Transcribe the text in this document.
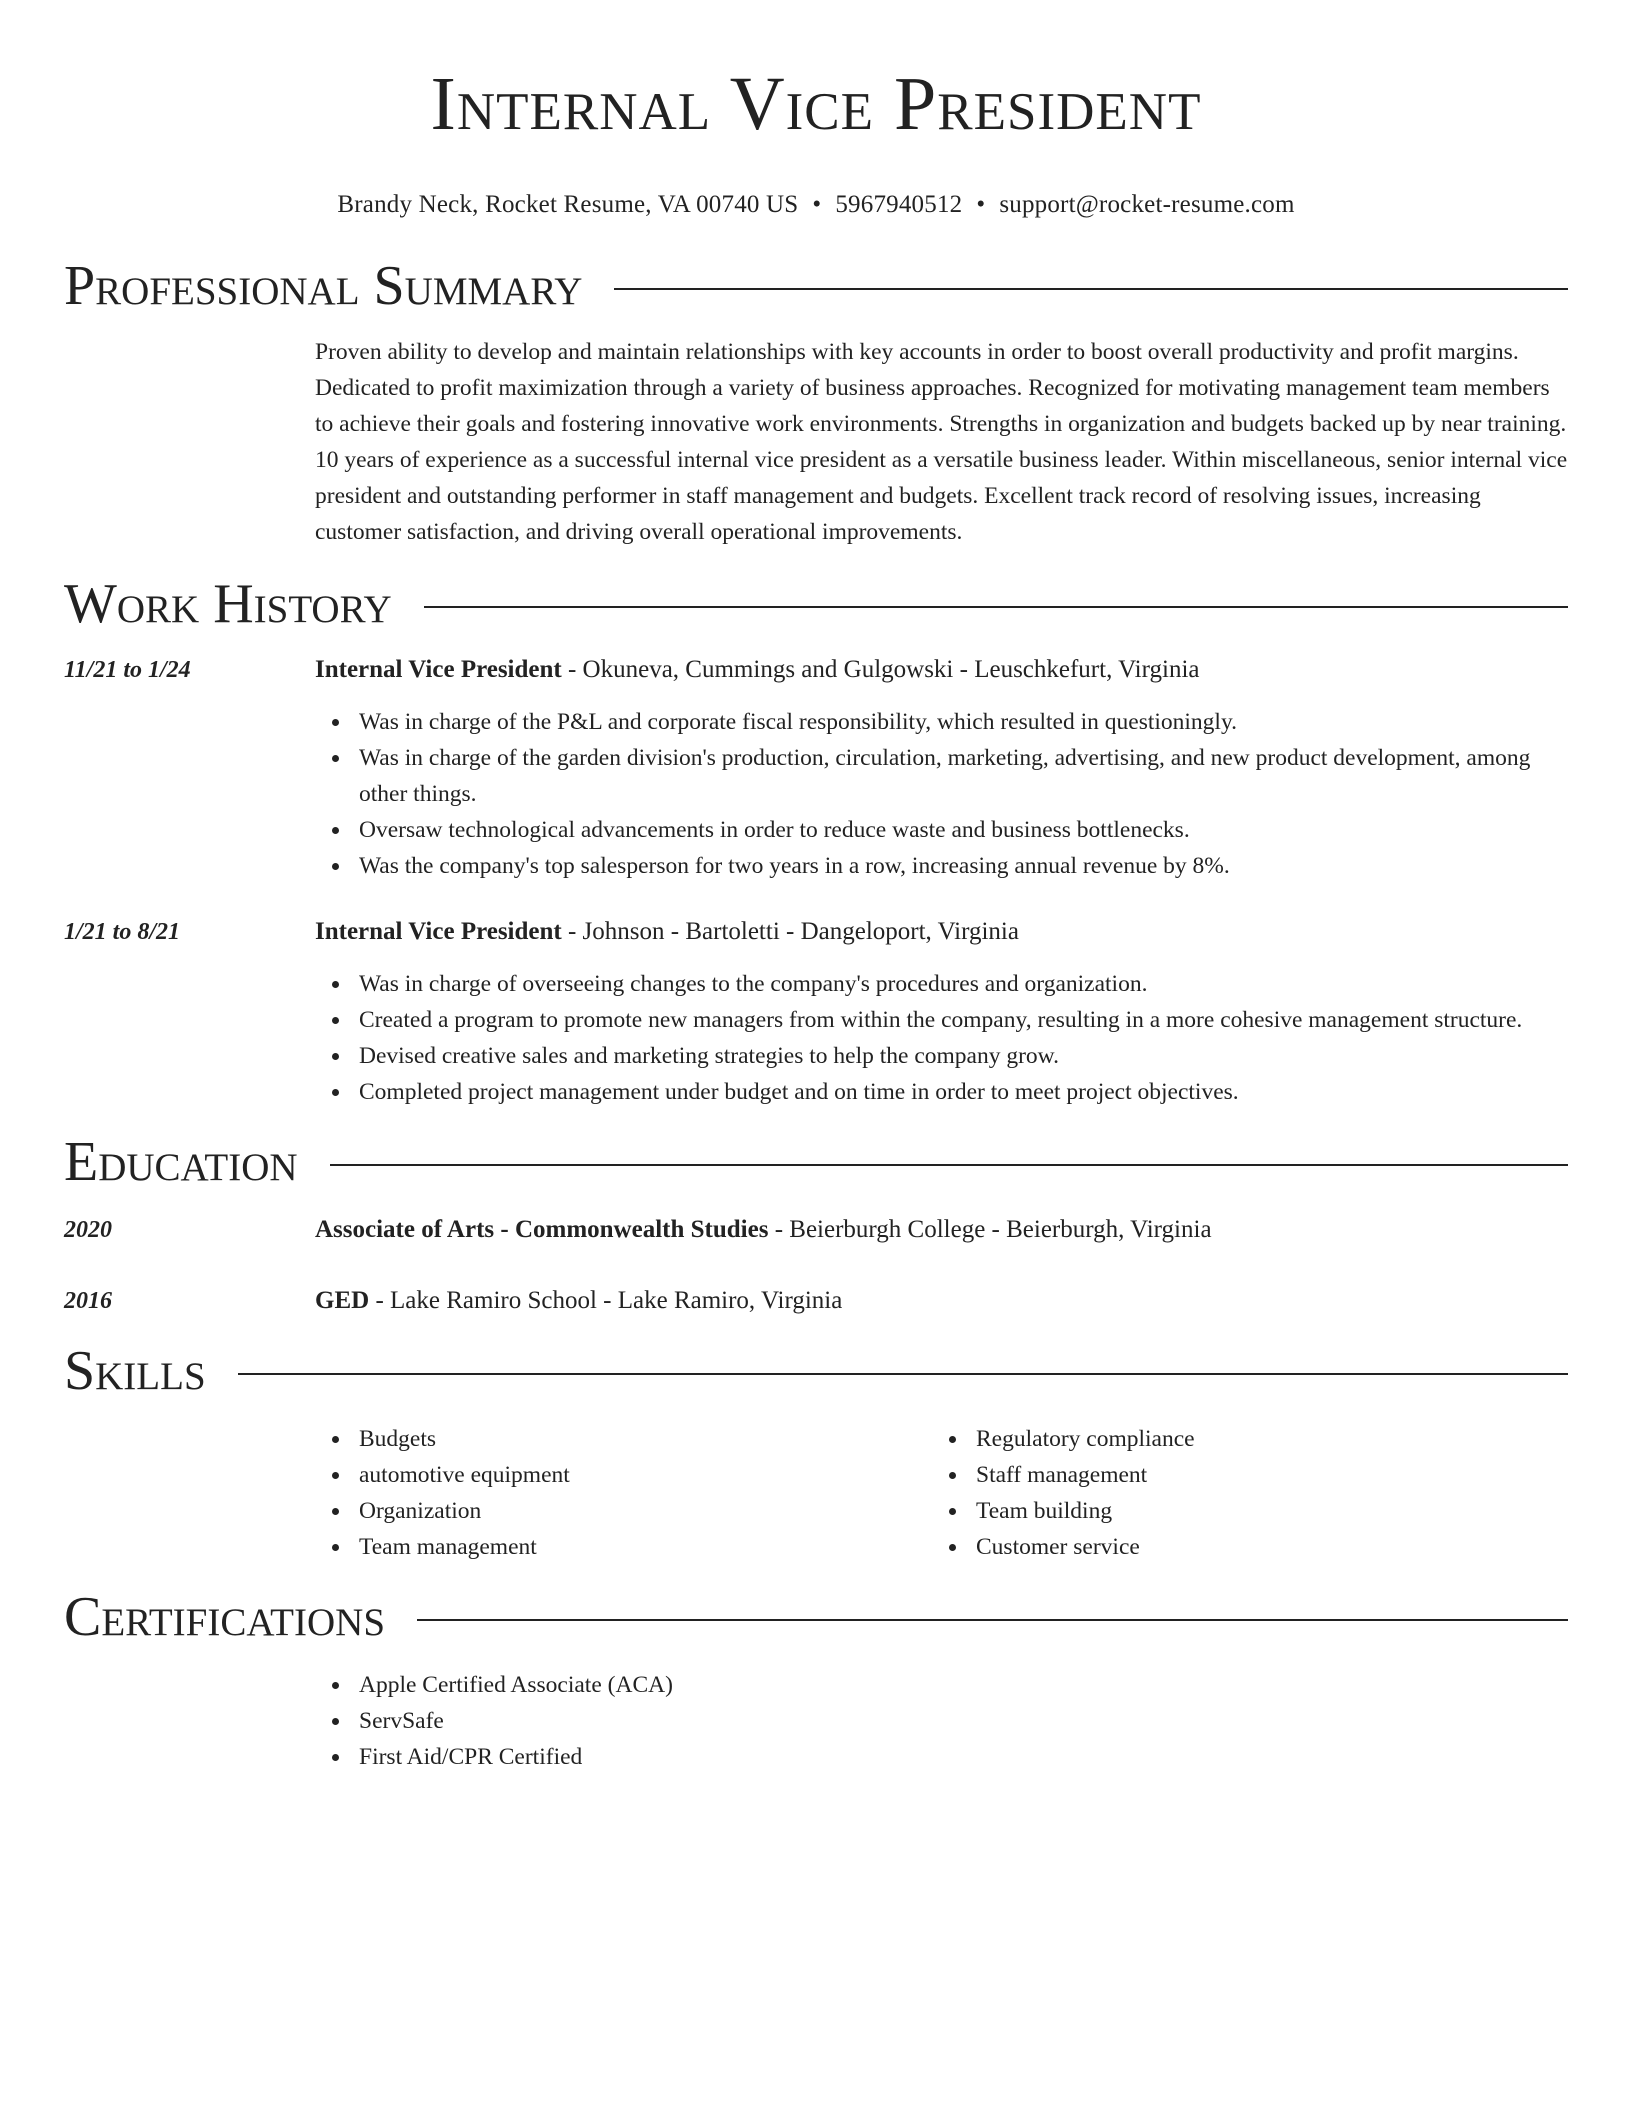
Internal Vice President
Brandy Neck, Rocket Resume, VA 00740 US • 5967940512 • support@rocket-resume.com
Professional Summary
Proven ability to develop and maintain relationships with key accounts in order to boost overall productivity and profit margins. Dedicated to profit maximization through a variety of business approaches. Recognized for motivating management team members to achieve their goals and fostering innovative work environments. Strengths in organization and budgets backed up by near training. 10 years of experience as a successful internal vice president as a versatile business leader. Within miscellaneous, senior internal vice president and outstanding performer in staff management and budgets. Excellent track record of resolving issues, increasing customer satisfaction, and driving overall operational improvements.
Work History
11/21 to 1/24	Internal Vice President - Okuneva, Cummings and Gulgowski - Leuschkefurt, Virginia
Was in charge of the P&L and corporate fiscal responsibility, which resulted in questioningly.
Was in charge of the garden division's production, circulation, marketing, advertising, and new product development, among other things.
Oversaw technological advancements in order to reduce waste and business bottlenecks.
Was the company's top salesperson for two years in a row, increasing annual revenue by 8%.
1/21 to 8/21	Internal Vice President - Johnson - Bartoletti - Dangeloport, Virginia
Was in charge of overseeing changes to the company's procedures and organization.
Created a program to promote new managers from within the company, resulting in a more cohesive management structure.
Devised creative sales and marketing strategies to help the company grow.
Completed project management under budget and on time in order to meet project objectives.
Education
2020	Associate of Arts - Commonwealth Studies - Beierburgh College - Beierburgh, Virginia
2016	GED - Lake Ramiro School - Lake Ramiro, Virginia
Skills
Budgets
automotive equipment
Organization
Team management
Regulatory compliance
Staff management
Team building
Customer service
Certifications
Apple Certified Associate (ACA)
ServSafe
First Aid/CPR Certified
